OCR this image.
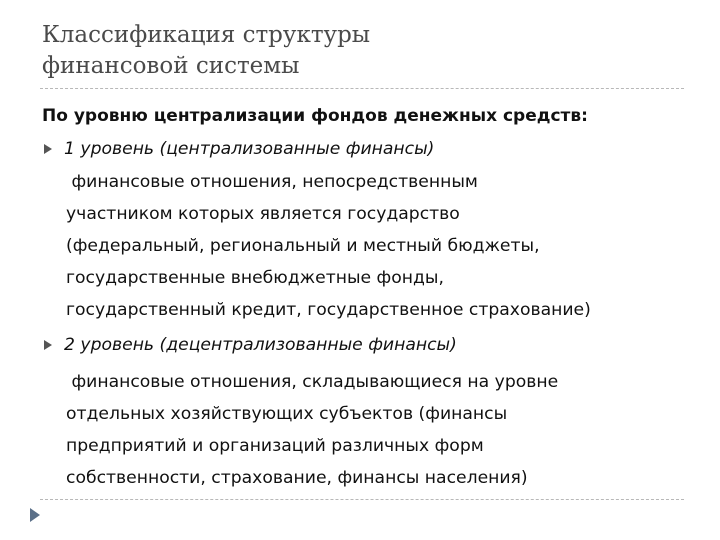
Классификация структуры
финансовой системы
По уровню централизации фондов денежных средств:
1 уровень (централизованные финансы)
финансовые отношения, непосредственным
участником которых является государство
(федеральный, региональный и местный бюджеты,
государственные внебюджетные фонды,
государственный кредит, государственное страхование)
2 уровень (децентрализованные финансы)
финансовые отношения, складывающиеся на уровне
отдельных хозяйствующих субъектов (финансы
предприятий и организаций различных форм
собственности, страхование, финансы населения)
